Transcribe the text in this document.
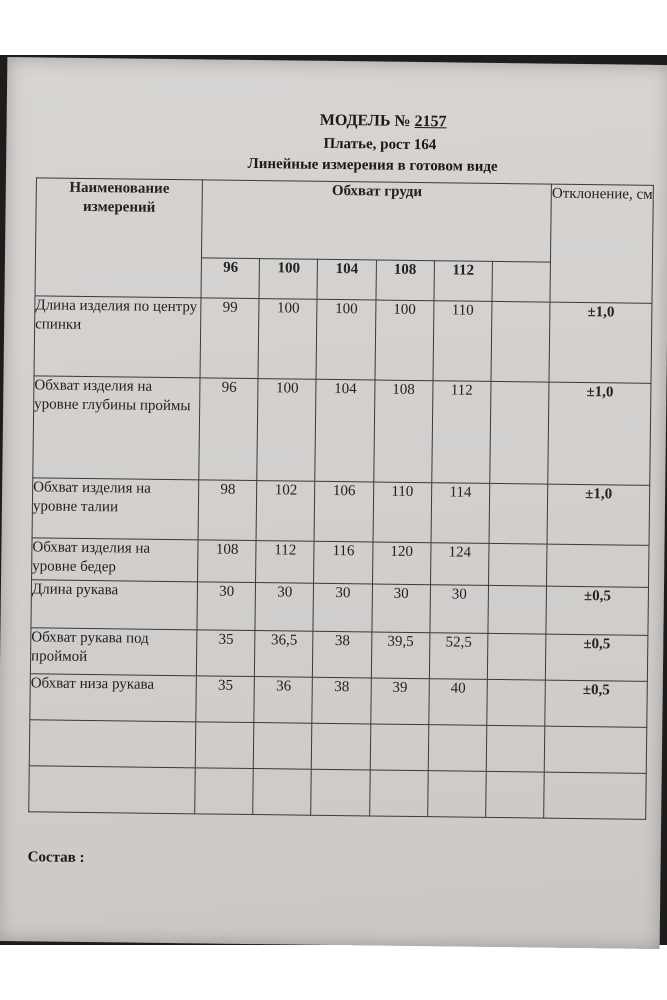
МОДЕЛЬ № 2157
Платье, рост 164
Линейные измерения в готовом виде
Наименование измерений	Обхват груди						Отклонение, см
	96	100	104	108	112		
Длина изделия по центру спинки	99	100	100	100	110		±1,0
Обхват изделия на уровне глубины проймы	96	100	104	108	112		±1,0
Обхват изделия на уровне талии	98	102	106	110	114		±1,0
Обхват изделия на уровне бедер	108	112	116	120	124		
Длина рукава	30	30	30	30	30		±0,5
Обхват рукава под проймой	35	36,5	38	39,5	52,5		±0,5
Обхват низа рукава	35	36	38	39	40		±0,5

Состав :
